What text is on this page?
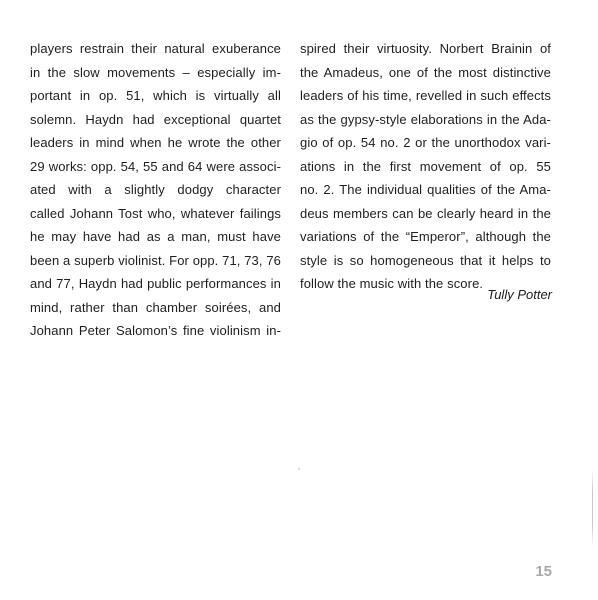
players restrain their natural exuberance
in the slow movements – especially im-
portant in op. 51, which is virtually all
solemn. Haydn had exceptional quartet
leaders in mind when he wrote the other
29 works: opp. 54, 55 and 64 were associ-
ated with a slightly dodgy character
called Johann Tost who, whatever failings
he may have had as a man, must have
been a superb violinist. For opp. 71, 73, 76
and 77, Haydn had public performances in
mind, rather than chamber soirées, and
Johann Peter Salomon’s fine violinism in-
spired their virtuosity. Norbert Brainin of
the Amadeus, one of the most distinctive
leaders of his time, revelled in such effects
as the gypsy-style elaborations in the Ada-
gio of op. 54 no. 2 or the unorthodox vari-
ations in the first movement of op. 55
no. 2. The individual qualities of the Ama-
deus members can be clearly heard in the
variations of the “Emperor”, although the
style is so homogeneous that it helps to
follow the music with the score.
Tully Potter
15
